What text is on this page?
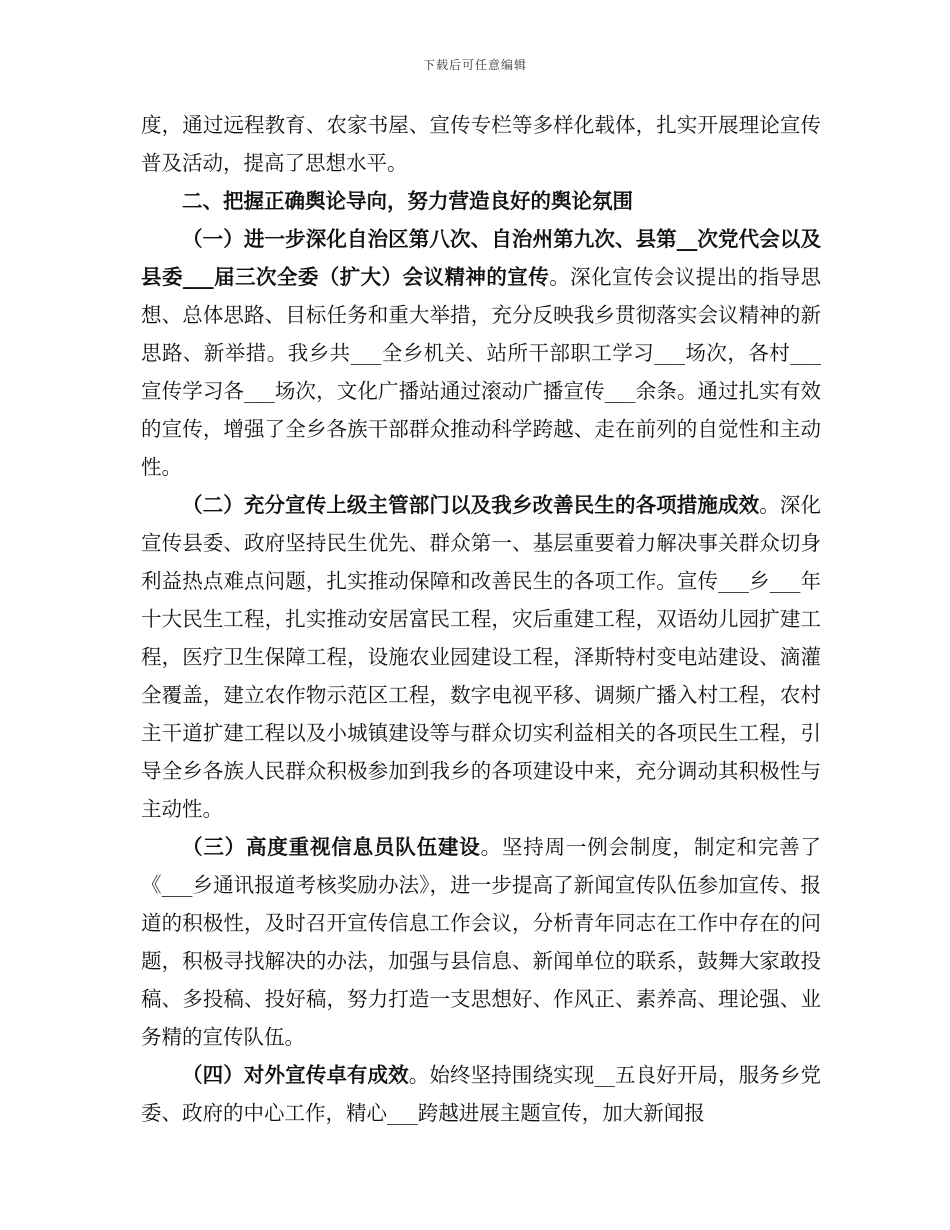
下载后可任意编辑

度，通过远程教育、农家书屋、宣传专栏等多样化载体，扎实开展理论宣传普及活动，提高了思想水平。

二、把握正确舆论导向，努力营造良好的舆论氛围

（一）进一步深化自治区第八次、自治州第九次、县第__次党代会以及县委___届三次全委（扩大）会议精神的宣传。深化宣传会议提出的指导思想、总体思路、目标任务和重大举措，充分反映我乡贯彻落实会议精神的新思路、新举措。我乡共___全乡机关、站所干部职工学习___场次，各村___宣传学习各___场次，文化广播站通过滚动广播宣传___余条。通过扎实有效的宣传，增强了全乡各族干部群众推动科学跨越、走在前列的自觉性和主动性。

（二）充分宣传上级主管部门以及我乡改善民生的各项措施成效。深化宣传县委、政府坚持民生优先、群众第一、基层重要着力解决事关群众切身利益热点难点问题，扎实推动保障和改善民生的各项工作。宣传___乡___年十大民生工程，扎实推动安居富民工程，灾后重建工程，双语幼儿园扩建工程，医疗卫生保障工程，设施农业园建设工程，泽斯特村变电站建设、滴灌全覆盖，建立农作物示范区工程，数字电视平移、调频广播入村工程，农村主干道扩建工程以及小城镇建设等与群众切实利益相关的各项民生工程，引导全乡各族人民群众积极参加到我乡的各项建设中来，充分调动其积极性与主动性。

（三）高度重视信息员队伍建设。坚持周一例会制度，制定和完善了《___乡通讯报道考核奖励办法》，进一步提高了新闻宣传队伍参加宣传、报道的积极性，及时召开宣传信息工作会议，分析青年同志在工作中存在的问题，积极寻找解决的办法，加强与县信息、新闻单位的联系，鼓舞大家敢投稿、多投稿、投好稿，努力打造一支思想好、作风正、素养高、理论强、业务精的宣传队伍。

（四）对外宣传卓有成效。始终坚持围绕实现__五良好开局，服务乡党委、政府的中心工作，精心___跨越进展主题宣传，加大新闻报
